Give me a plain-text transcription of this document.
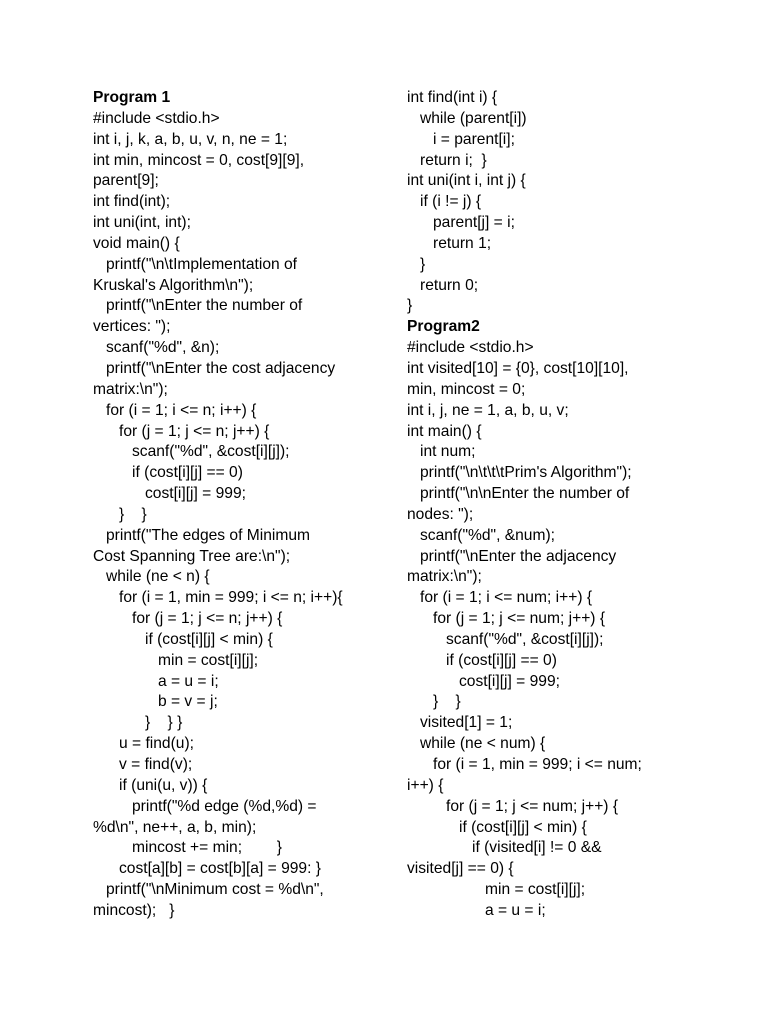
Program 1
#include <stdio.h>
int i, j, k, a, b, u, v, n, ne = 1;
int min, mincost = 0, cost[9][9],
parent[9];
int find(int);
int uni(int, int);
void main() {
printf("\n\tImplementation of
Kruskal's Algorithm\n");
printf("\nEnter the number of
vertices: ");
scanf("%d", &n);
printf("\nEnter the cost adjacency
matrix:\n");
for (i = 1; i <= n; i++) {
for (j = 1; j <= n; j++) {
scanf("%d", &cost[i][j]);
if (cost[i][j] == 0)
cost[i][j] = 999;
}    }
printf("The edges of Minimum
Cost Spanning Tree are:\n");
while (ne < n) {
for (i = 1, min = 999; i <= n; i++){
for (j = 1; j <= n; j++) {
if (cost[i][j] < min) {
min = cost[i][j];
a = u = i;
b = v = j;
}    } }
u = find(u);
v = find(v);
if (uni(u, v)) {
printf("%d edge (%d,%d) =
%d\n", ne++, a, b, min);
mincost += min;        }
cost[a][b] = cost[b][a] = 999: }
printf("\nMinimum cost = %d\n",
mincost);   }
int find(int i) {
while (parent[i])
i = parent[i];
return i;  }
int uni(int i, int j) {
if (i != j) {
parent[j] = i;
return 1;
}
return 0;
}
Program2
#include <stdio.h>
int visited[10] = {0}, cost[10][10],
min, mincost = 0;
int i, j, ne = 1, a, b, u, v;
int main() {
int num;
printf("\n\t\t\tPrim's Algorithm");
printf("\n\nEnter the number of
nodes: ");
scanf("%d", &num);
printf("\nEnter the adjacency
matrix:\n");
for (i = 1; i <= num; i++) {
for (j = 1; j <= num; j++) {
scanf("%d", &cost[i][j]);
if (cost[i][j] == 0)
cost[i][j] = 999;
}    }
visited[1] = 1;
while (ne < num) {
for (i = 1, min = 999; i <= num;
i++) {
for (j = 1; j <= num; j++) {
if (cost[i][j] < min) {
if (visited[i] != 0 &&
visited[j] == 0) {
min = cost[i][j];
a = u = i;
